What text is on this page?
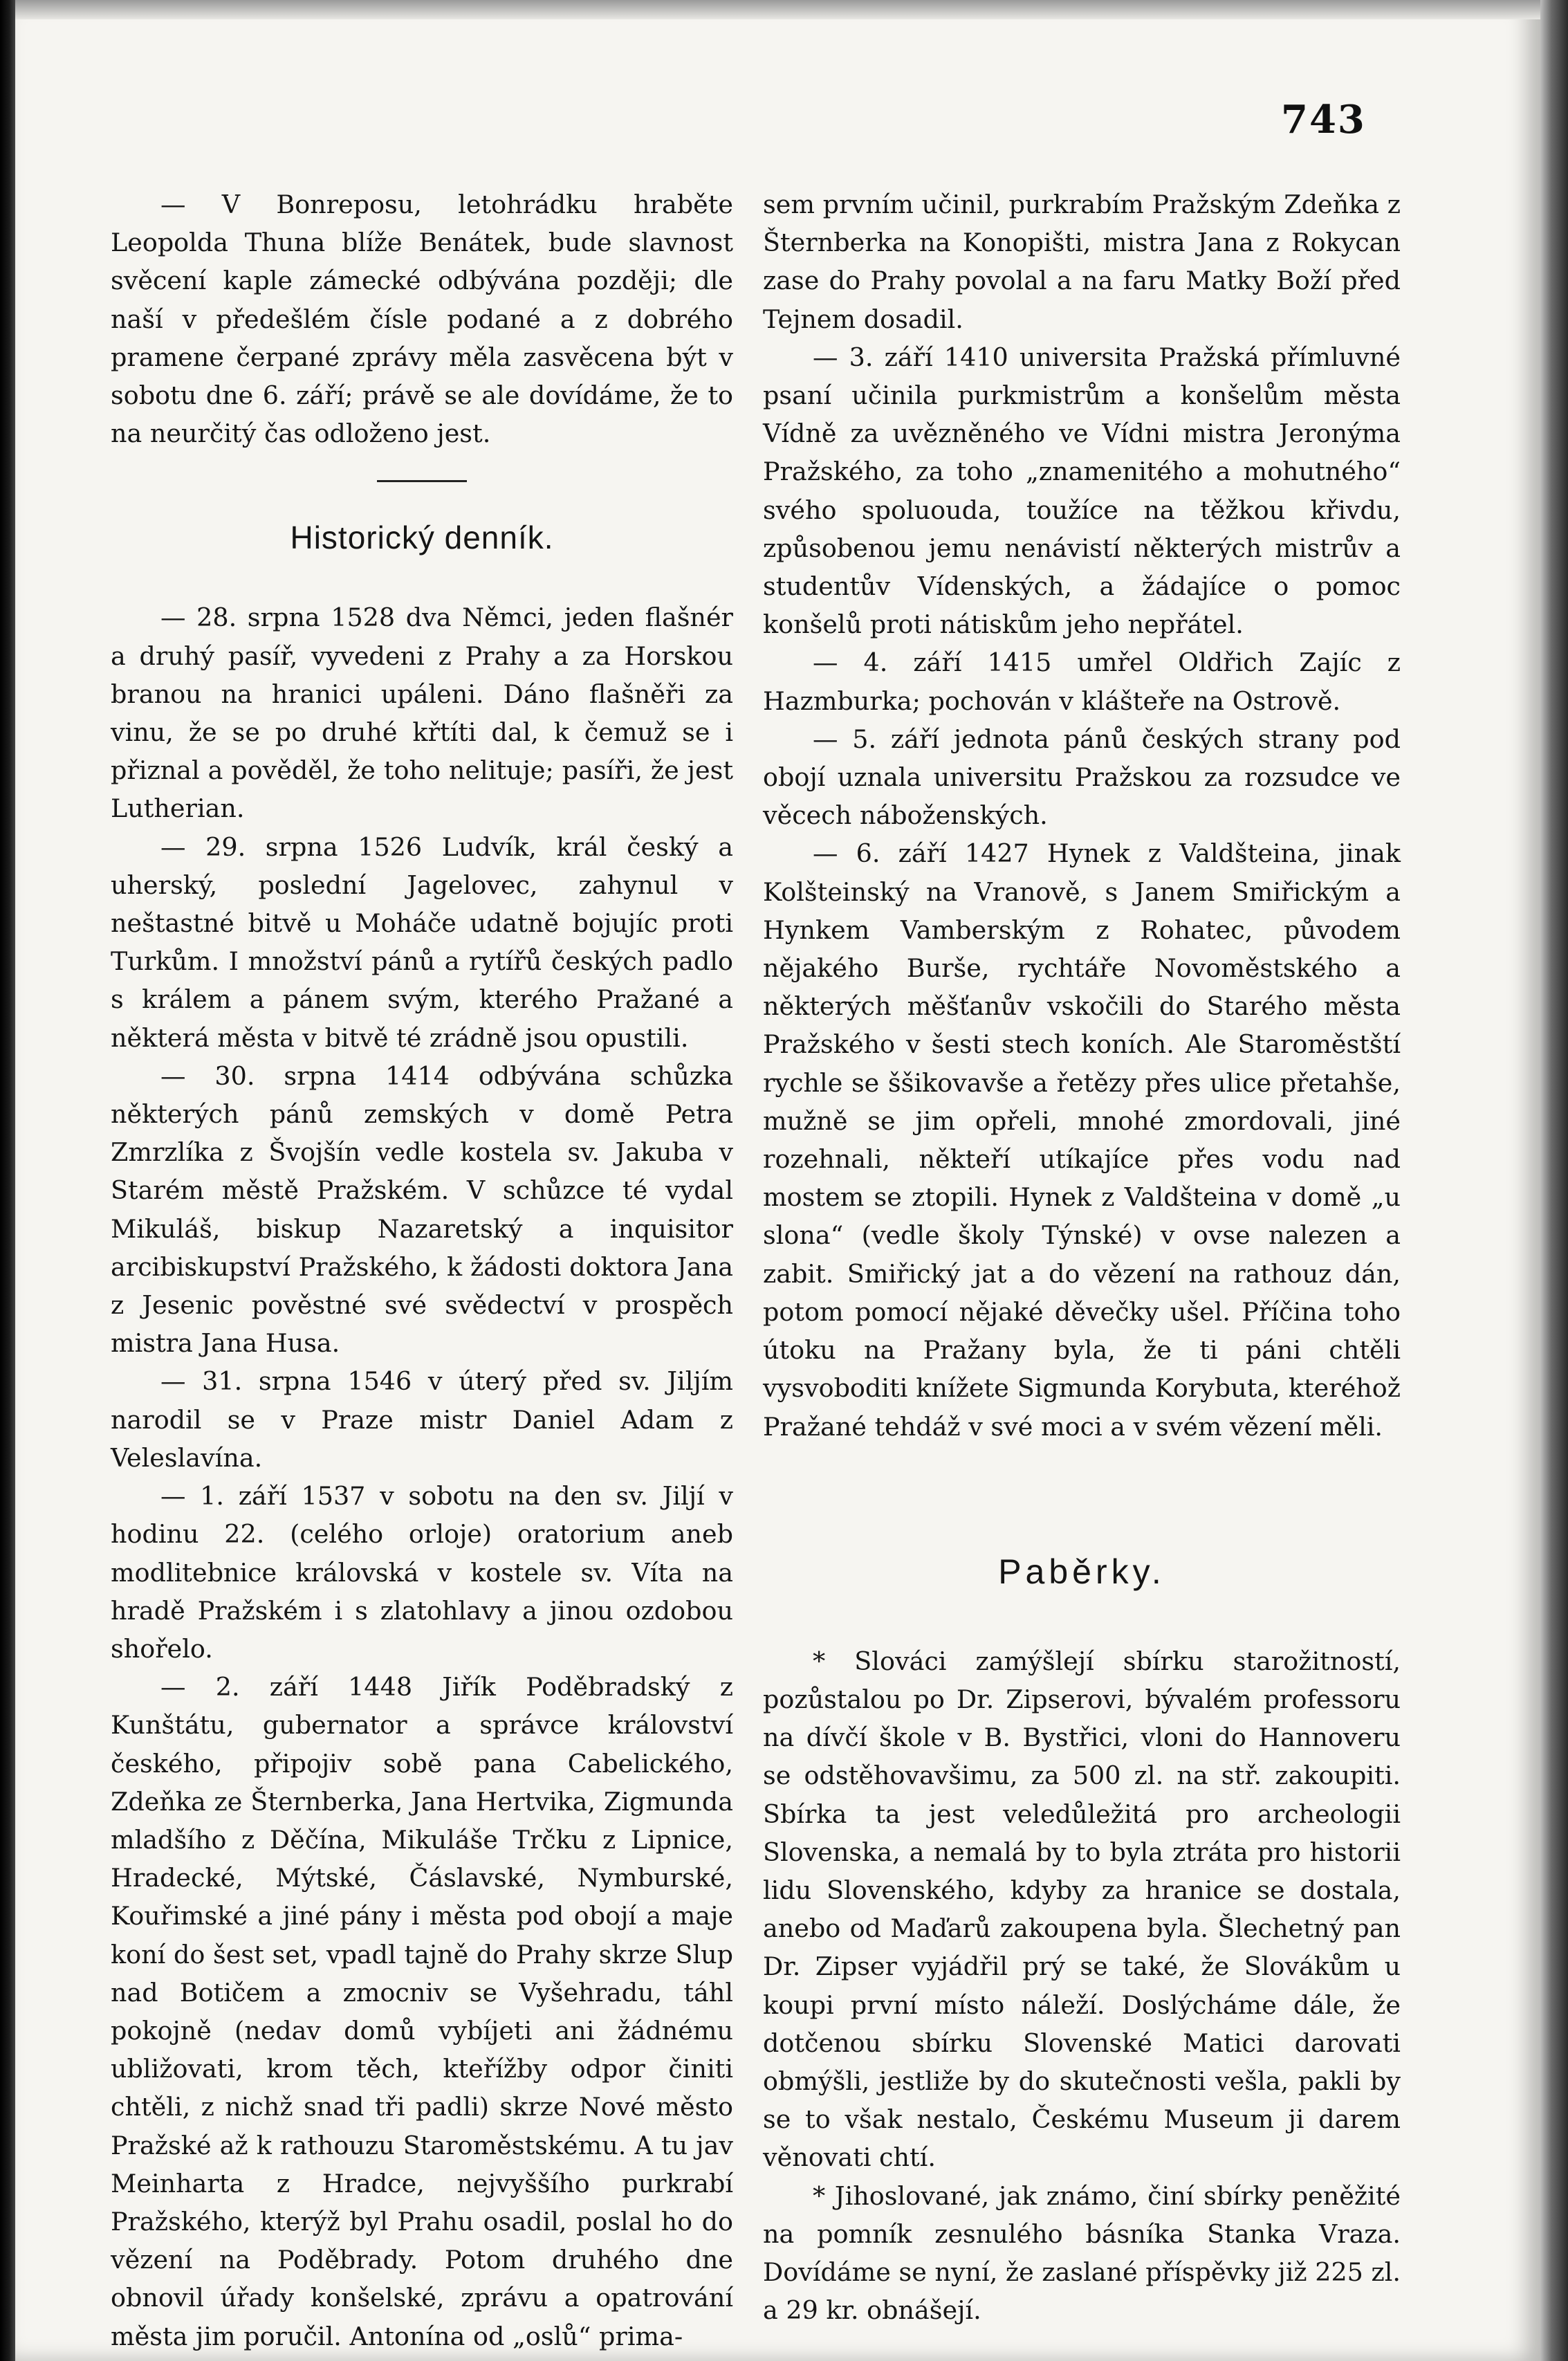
743

— V Bonreposu, letohrádku hraběte Leopolda Thuna blíže Benátek, bude slavnost svěcení kaple zámecké odbývána později; dle naší v předešlém čísle podané a z dobrého pramene čerpané zprávy měla zasvěcena být v sobotu dne 6. září; právě se ale dovídáme, že to na neurčitý čas odloženo jest.

Historický denník.

— 28. srpna 1528 dva Němci, jeden flašnér a druhý pasíř, vyvedeni z Prahy a za Horskou branou na hranici upáleni. Dáno flašněři za vinu, že se po druhé křtíti dal, k čemuž se i přiznal a pověděl, že toho nelituje; pasíři, že jest Lutherian.

— 29. srpna 1526 Ludvík, král český a uherský, poslední Jagelovec, zahynul v neštastné bitvě u Moháče udatně bojujíc proti Turkům. I množství pánů a rytířů českých padlo s králem a pánem svým, kterého Pražané a některá města v bitvě té zrádně jsou opustili.

— 30. srpna 1414 odbývána schůzka některých pánů zemských v domě Petra Zmrzlíka z Švojšín vedle kostela sv. Jakuba v Starém městě Pražském. V schůzce té vydal Mikuláš, biskup Nazaretský a inquisitor arcibiskupství Pražského, k žádosti doktora Jana z Jesenic pověstné své svědectví v prospěch mistra Jana Husa.

— 31. srpna 1546 v úterý před sv. Jiljím narodil se v Praze mistr Daniel Adam z Veleslavína.

— 1. září 1537 v sobotu na den sv. Jiljí v hodinu 22. (celého orloje) oratorium aneb modlitebnice královská v kostele sv. Víta na hradě Pražském i s zlatohlavy a jinou ozdobou shořelo.

— 2. září 1448 Jiřík Poděbradský z Kunštátu, gubernator a správce království českého, připojiv sobě pana Cabelického, Zdeňka ze Šternberka, Jana Hertvika, Zigmunda mladšího z Děčína, Mikuláše Trčku z Lipnice, Hradecké, Mýtské, Čáslavské, Nymburské, Kouřimské a jiné pány i města pod obojí a maje koní do šest set, vpadl tajně do Prahy skrze Slup nad Botičem a zmocniv se Vyšehradu, táhl pokojně (nedav domů vybíjeti ani žádnému ubližovati, krom těch, kteřížby odpor činiti chtěli, z nichž snad tři padli) skrze Nové město Pražské až k rathouzu Staroměstskému. A tu jav Meinharta z Hradce, nejvyššího purkrabí Pražského, kterýž byl Prahu osadil, poslal ho do vězení na Poděbrady. Potom druhého dne obnovil úřady konšelské, zprávu a opatrování města jim poručil. Antonína od „oslů“ prima-

sem prvním učinil, purkrabím Pražským Zdeňka z Šternberka na Konopišti, mistra Jana z Rokycan zase do Prahy povolal a na faru Matky Boží před Tejnem dosadil.

— 3. září 1410 universita Pražská přímluvné psaní učinila purkmistrům a konšelům města Vídně za uvězněného ve Vídni mistra Jeronýma Pražského, za toho „znamenitého a mohutného“ svého spoluouda, toužíce na těžkou křivdu, způsobenou jemu nenávistí některých mistrův a studentův Vídenských, a žádajíce o pomoc konšelů proti nátiskům jeho nepřátel.

— 4. září 1415 umřel Oldřich Zajíc z Hazmburka; pochován v klášteře na Ostrově.

— 5. září jednota pánů českých strany pod obojí uznala universitu Pražskou za rozsudce ve věcech náboženských.

— 6. září 1427 Hynek z Valdšteina, jinak Kolšteinský na Vranově, s Janem Smiřickým a Hynkem Vamberským z Rohatec, původem nějakého Burše, rychtáře Novoměstského a některých měšťanův vskočili do Starého města Pražského v šesti stech koních. Ale Staroměstští rychle se ššikovavše a řetězy přes ulice přetahše, mužně se jim opřeli, mnohé zmordovali, jiné rozehnali, někteří utíkajíce přes vodu nad mostem se ztopili. Hynek z Valdšteina v domě „u slona“ (vedle školy Týnské) v ovse nalezen a zabit. Smiřický jat a do vězení na rathouz dán, potom pomocí nějaké děvečky ušel. Příčina toho útoku na Pražany byla, že ti páni chtěli vysvoboditi knížete Sigmunda Korybuta, kteréhož Pražané tehdáž v své moci a v svém vězení měli.

Paběrky.

* Slováci zamýšlejí sbírku starožitností, pozůstalou po Dr. Zipserovi, bývalém professoru na dívčí škole v B. Bystřici, vloni do Hannoveru se odstěhovavšimu, za 500 zl. na stř. zakoupiti. Sbírka ta jest veledůležitá pro archeologii Slovenska, a nemalá by to byla ztráta pro historii lidu Slovenského, kdyby za hranice se dostala, anebo od Maďarů zakoupena byla. Šlechetný pan Dr. Zipser vyjádřil prý se také, že Slovákům u koupi první místo náleží. Doslýcháme dále, že dotčenou sbírku Slovenské Matici darovati obmýšli, jestliže by do skutečnosti vešla, pakli by se to však nestalo, Českému Museum ji darem věnovati chtí.

* Jihoslované, jak známo, činí sbírky peněžité na pomník zesnulého básníka Stanka Vraza. Dovídáme se nyní, že zaslané příspěvky již 225 zl. a 29 kr. obnášejí.
